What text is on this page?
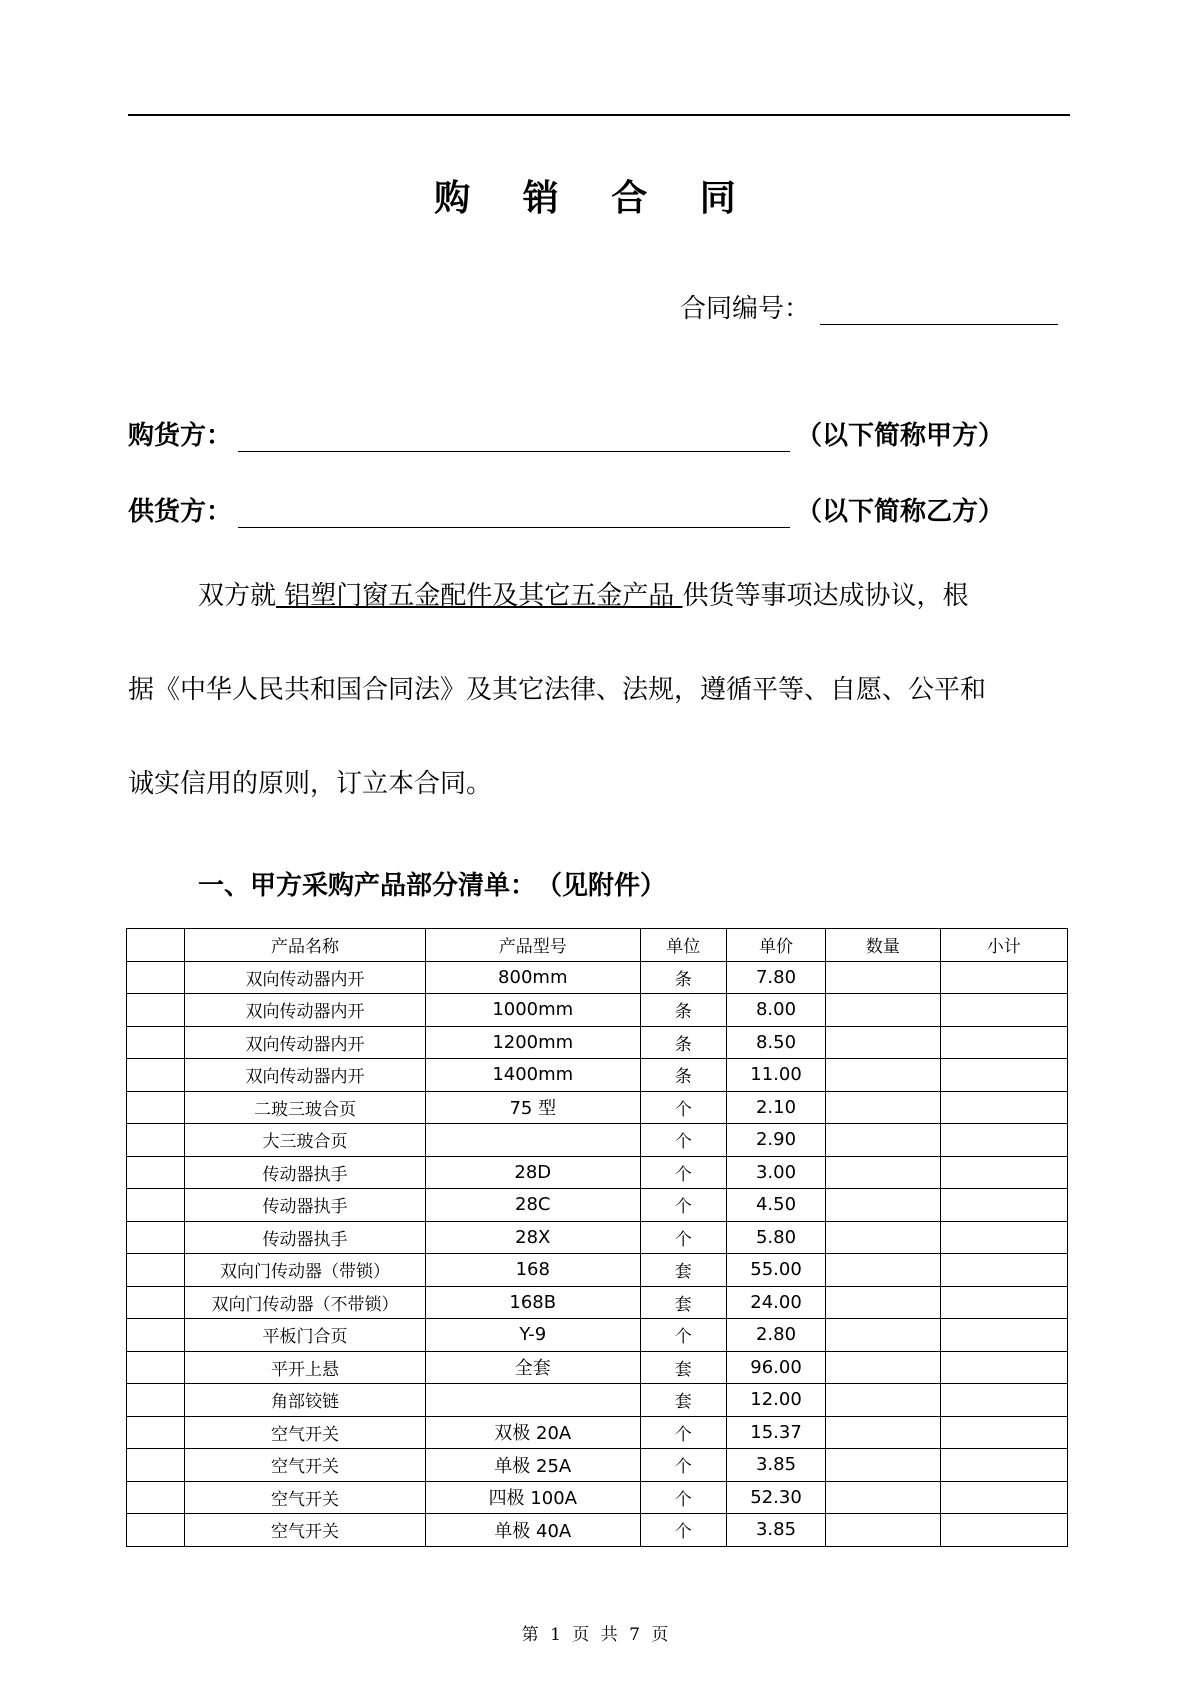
购 销 合 同
合同编号：
购货方：	（以下简称甲方）
供货方：	（以下简称乙方）
双方就 铝塑门窗五金配件及其它五金产品 供货等事项达成协议，根
据《中华人民共和国合同法》及其它法律、法规，遵循平等、自愿、公平和
诚实信用的原则，订立本合同。
一、甲方采购产品部分清单：　（见附件）
	产品名称	产品型号	单位	单价	数量	小计
	双向传动器内开	800mm	条	7.80		
	双向传动器内开	1000mm	条	8.00		
	双向传动器内开	1200mm	条	8.50		
	双向传动器内开	1400mm	条	11.00		
	二玻三玻合页	75 型	个	2.10		
	大三玻合页		个	2.90		
	传动器执手	28D	个	3.00		
	传动器执手	28C	个	4.50		
	传动器执手	28X	个	5.80		
	双向门传动器（带锁）	168	套	55.00		
	双向门传动器（不带锁）	168B	套	24.00		
	平板门合页	Y-9	个	2.80		
	平开上悬	全套	套	96.00		
	角部铰链		套	12.00		
	空气开关	双极 20A	个	15.37		
	空气开关	单极 25A	个	3.85		
	空气开关	四极 100A	个	52.30		
	空气开关	单极 40A	个	3.85		
第 1 页 共 7 页
